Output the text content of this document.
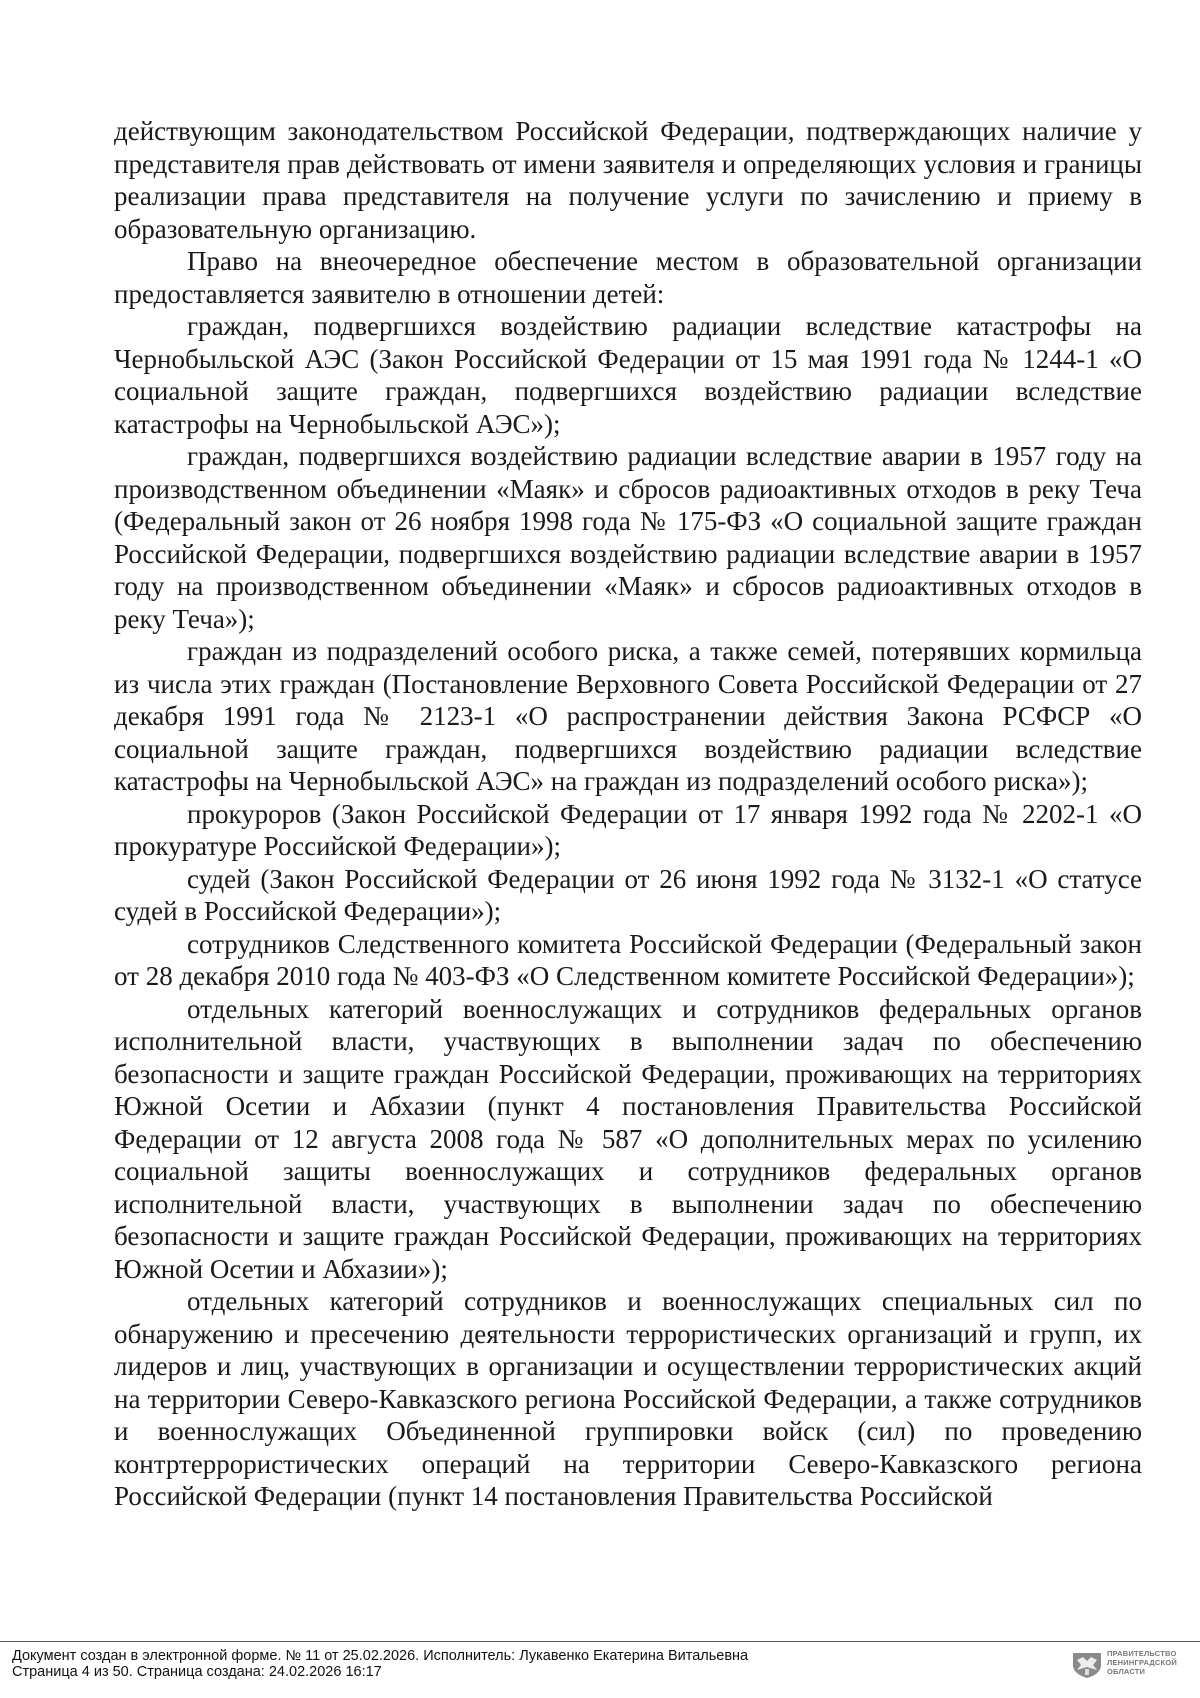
действующим законодательством Российской Федерации, подтверждающих наличие у представителя прав действовать от имени заявителя и определяющих условия и границы реализации права представителя на получение услуги по зачислению и приему в образовательную организацию.

Право на внеочередное обеспечение местом в образовательной организации предоставляется заявителю в отношении детей:

граждан, подвергшихся воздействию радиации вследствие катастрофы на Чернобыльской АЭС (Закон Российской Федерации от 15 мая 1991 года № 1244-1 «О социальной защите граждан, подвергшихся воздействию радиации вследствие катастрофы на Чернобыльской АЭС»);

граждан, подвергшихся воздействию радиации вследствие аварии в 1957 году на производственном объединении «Маяк» и сбросов радиоактивных отходов в реку Теча (Федеральный закон от 26 ноября 1998 года № 175-ФЗ «О социальной защите граждан Российской Федерации, подвергшихся воздействию радиации вследствие аварии в 1957 году на производственном объединении «Маяк» и сбросов радиоактивных отходов в реку Теча»);

граждан из подразделений особого риска, а также семей, потерявших кормильца из числа этих граждан (Постановление Верховного Совета Российской Федерации от 27 декабря 1991 года № 2123-1 «О распространении действия Закона РСФСР «О социальной защите граждан, подвергшихся воздействию радиации вследствие катастрофы на Чернобыльской АЭС» на граждан из подразделений особого риска»);

прокуроров (Закон Российской Федерации от 17 января 1992 года № 2202-1 «О прокуратуре Российской Федерации»);

судей (Закон Российской Федерации от 26 июня 1992 года № 3132-1 «О статусе судей в Российской Федерации»);

сотрудников Следственного комитета Российской Федерации (Федеральный закон от 28 декабря 2010 года № 403-ФЗ «О Следственном комитете Российской Федерации»);

отдельных категорий военнослужащих и сотрудников федеральных органов исполнительной власти, участвующих в выполнении задач по обеспечению безопасности и защите граждан Российской Федерации, проживающих на территориях Южной Осетии и Абхазии (пункт 4 постановления Правительства Российской Федерации от 12 августа 2008 года № 587 «О дополнительных мерах по усилению социальной защиты военнослужащих и сотрудников федеральных органов исполнительной власти, участвующих в выполнении задач по обеспечению безопасности и защите граждан Российской Федерации, проживающих на территориях Южной Осетии и Абхазии»);

отдельных категорий сотрудников и военнослужащих специальных сил по обнаружению и пресечению деятельности террористических организаций и групп, их лидеров и лиц, участвующих в организации и осуществлении террористических акций на территории Северо-Кавказского региона Российской Федерации, а также сотрудников и военнослужащих Объединенной группировки войск (сил) по проведению контртеррористических операций на территории Северо-Кавказского региона Российской Федерации (пункт 14 постановления Правительства Российской

Документ создан в электронной форме. № 11 от 25.02.2026. Исполнитель: Лукавенко Екатерина Витальевна
Страница 4 из 50. Страница создана: 24.02.2026 16:17
ПРАВИТЕЛЬСТВО
ЛЕНИНГРАДСКОЙ
ОБЛАСТИ
